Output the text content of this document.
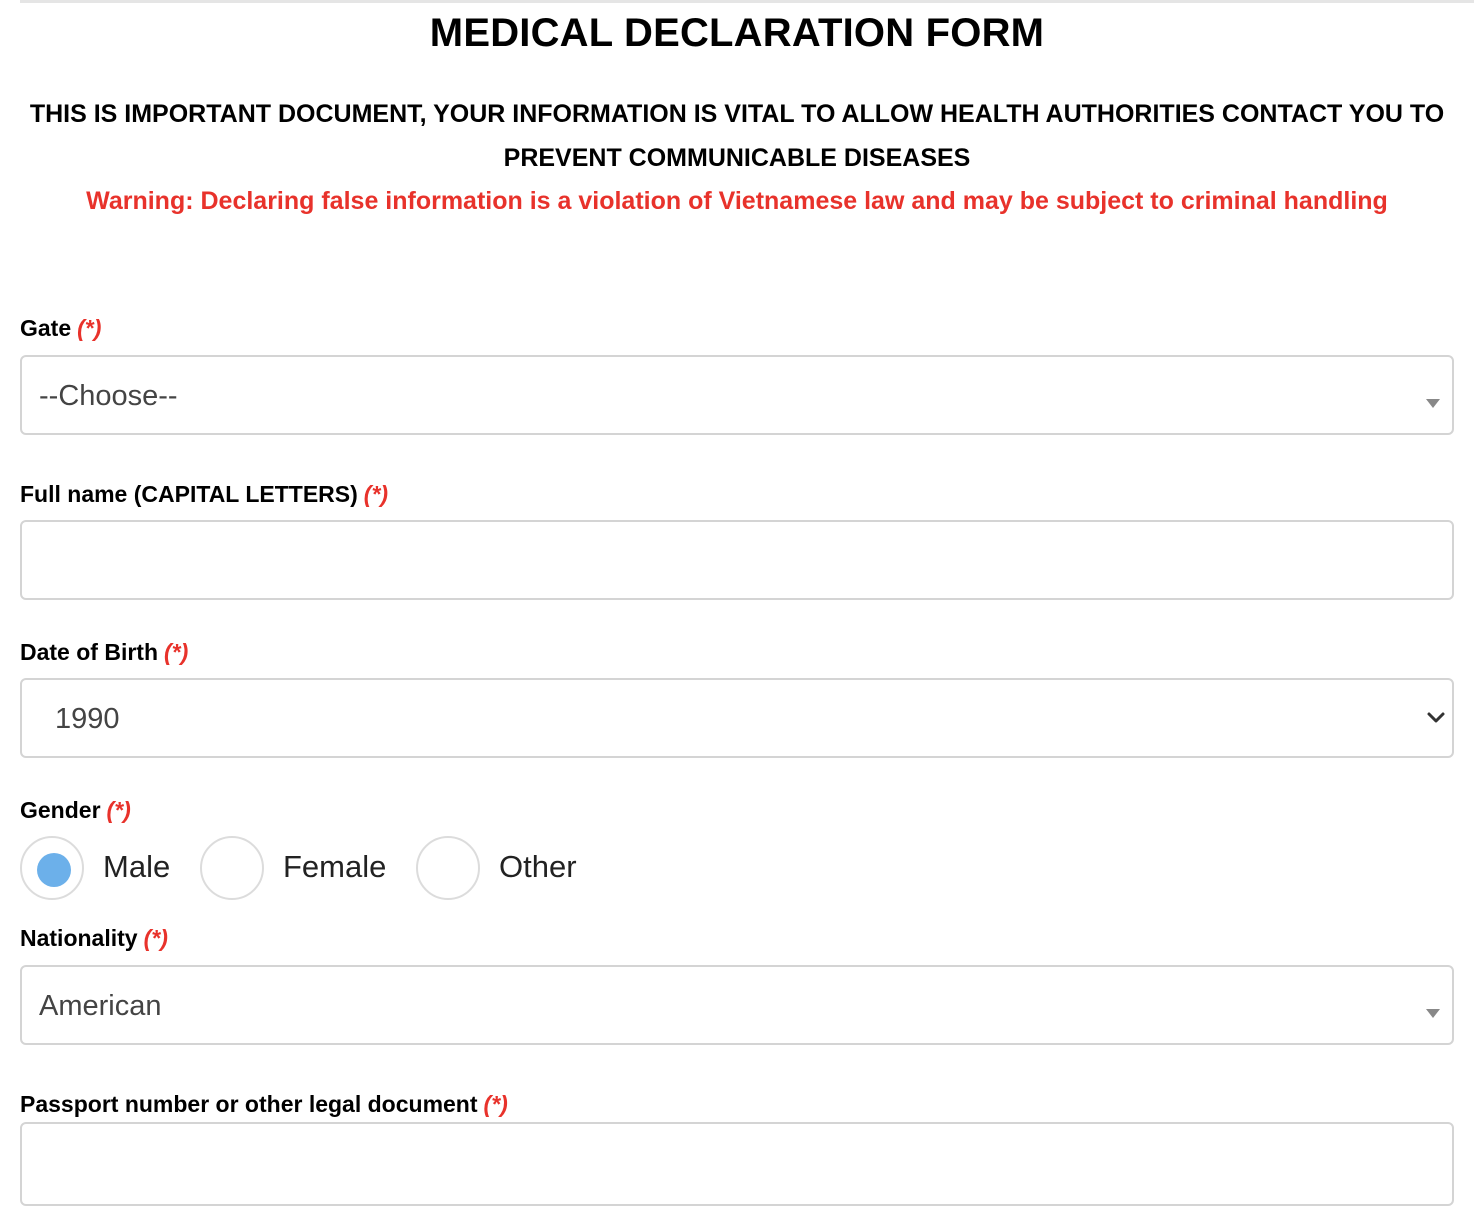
MEDICAL DECLARATION FORM
THIS IS IMPORTANT DOCUMENT, YOUR INFORMATION IS VITAL TO ALLOW HEALTH AUTHORITIES CONTACT YOU TO PREVENT COMMUNICABLE DISEASES
Warning: Declaring false information is a violation of Vietnamese law and may be subject to criminal handling
Gate (*)
--Choose--
Full name (CAPITAL LETTERS) (*)
Date of Birth (*)
1990
Gender (*)
Male	Female	Other
Nationality (*)
American
Passport number or other legal document (*)
